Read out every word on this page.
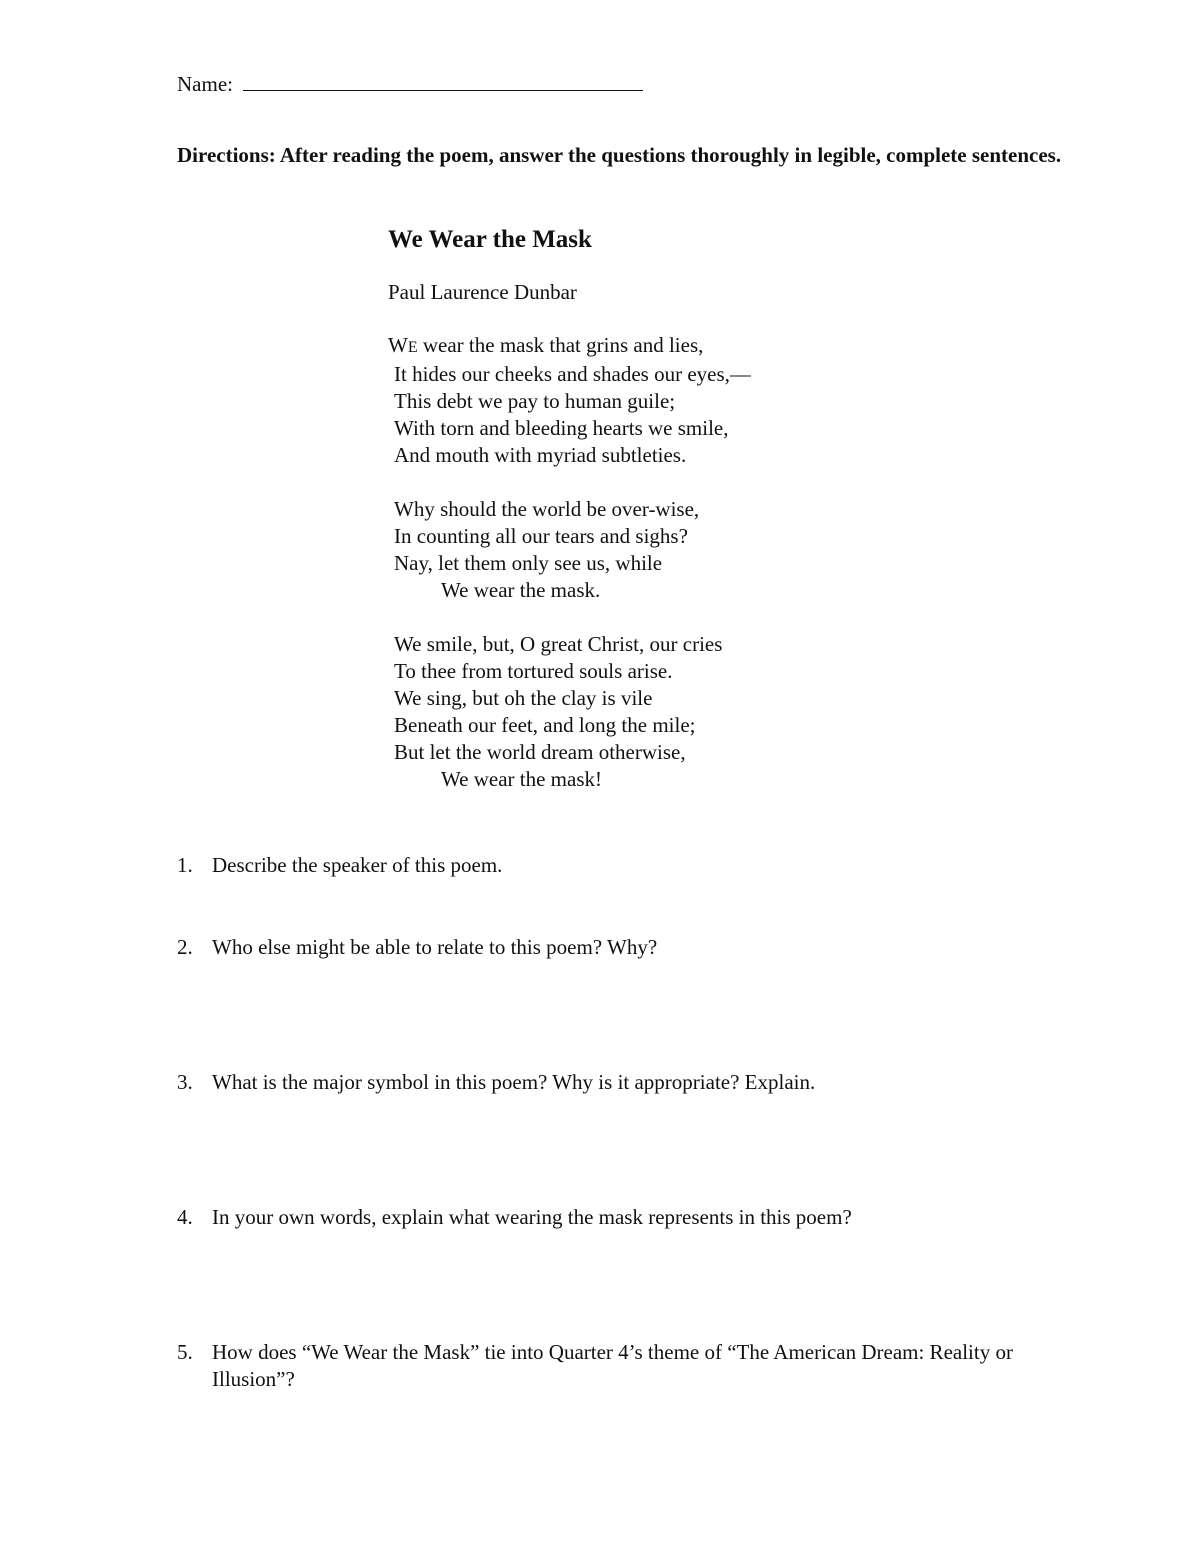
Name:
Directions: After reading the poem, answer the questions thoroughly in legible, complete sentences.
We Wear the Mask
Paul Laurence Dunbar
WE wear the mask that grins and lies,
It hides our cheeks and shades our eyes,—
This debt we pay to human guile;
With torn and bleeding hearts we smile,
And mouth with myriad subtleties.
Why should the world be over-wise,
In counting all our tears and sighs?
Nay, let them only see us, while
We wear the mask.
We smile, but, O great Christ, our cries
To thee from tortured souls arise.
We sing, but oh the clay is vile
Beneath our feet, and long the mile;
But let the world dream otherwise,
We wear the mask!
1. Describe the speaker of this poem.
2. Who else might be able to relate to this poem? Why?
3. What is the major symbol in this poem? Why is it appropriate? Explain.
4. In your own words, explain what wearing the mask represents in this poem?
5. How does “We Wear the Mask” tie into Quarter 4’s theme of “The American Dream: Reality or Illusion”?
